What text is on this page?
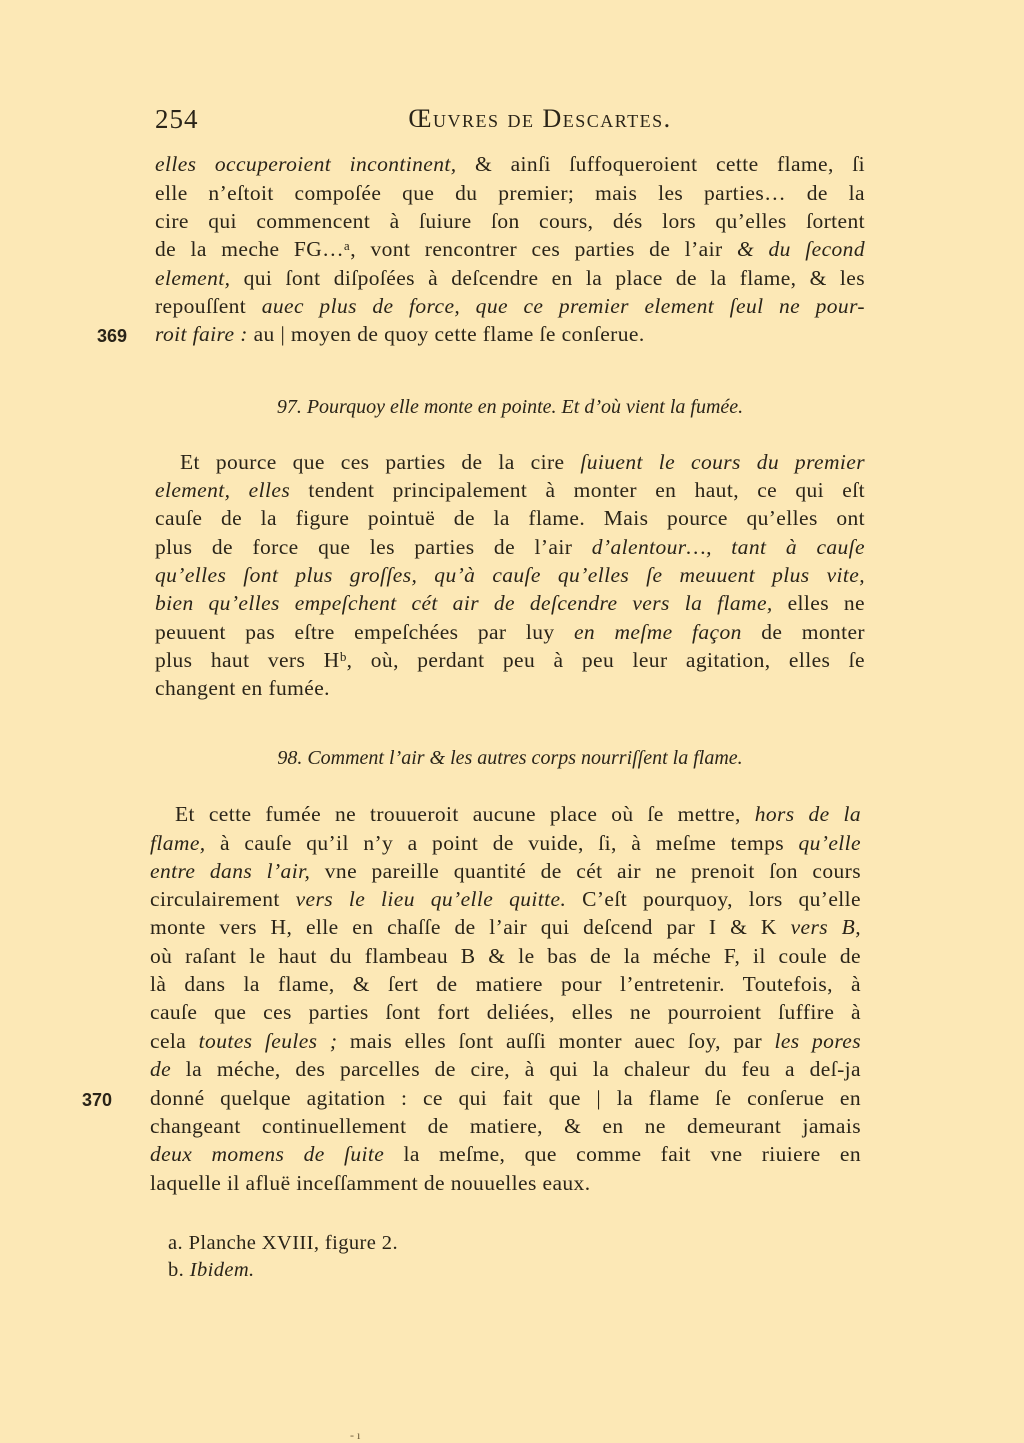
254	Œuvres de Descartes.
elles occuperoient incontinent, & ainſi ſuffoqueroient cette flame, ſi
elle n’eſtoit compoſée que du premier; mais les parties… de la
cire qui commencent à ſuiure ſon cours, dés lors qu’elles ſortent
de la meche FG…ᵃ, vont rencontrer ces parties de l’air & du ſecond
element, qui ſont diſpoſées à deſcendre en la place de la flame, & les
repouſſent auec plus de force, que ce premier element ſeul ne pour-
369 roit faire : au | moyen de quoy cette flame ſe conſerue.
97. Pourquoy elle monte en pointe. Et d’où vient la fumée.
Et pource que ces parties de la cire ſuiuent le cours du premier
element, elles tendent principalement à monter en haut, ce qui eſt
cauſe de la figure pointuë de la flame. Mais pource qu’elles ont
plus de force que les parties de l’air d’alentour…, tant à cauſe
qu’elles ſont plus groſſes, qu’à cauſe qu’elles ſe meuuent plus vite,
bien qu’elles empeſchent cét air de deſcendre vers la flame, elles ne
peuuent pas eſtre empeſchées par luy en meſme façon de monter
plus haut vers Hᵇ, où, perdant peu à peu leur agitation, elles ſe
changent en fumée.
98. Comment l’air & les autres corps nourriſſent la flame.
Et cette fumée ne trouueroit aucune place où ſe mettre, hors de la
flame, à cauſe qu’il n’y a point de vuide, ſi, à meſme temps qu’elle
entre dans l’air, vne pareille quantité de cét air ne prenoit ſon cours
circulairement vers le lieu qu’elle quitte. C’eſt pourquoy, lors qu’elle
monte vers H, elle en chaſſe de l’air qui deſcend par I & K vers B,
où raſant le haut du flambeau B & le bas de la méche F, il coule de
là dans la flame, & ſert de matiere pour l’entretenir. Toutefois, à
cauſe que ces parties ſont fort deliées, elles ne pourroient ſuffire à
cela toutes ſeules ; mais elles ſont auſſi monter auec ſoy, par les pores
de la méche, des parcelles de cire, à qui la chaleur du feu a deſ-ja
370 donné quelque agitation : ce qui fait que | la flame ſe conſerue en
changeant continuellement de matiere, & en ne demeurant jamais
deux momens de ſuite la meſme, que comme fait vne riuiere en
laquelle il afluë inceſſamment de nouuelles eaux.
a. Planche XVIII, figure 2.
b. Ibidem.
- ı
